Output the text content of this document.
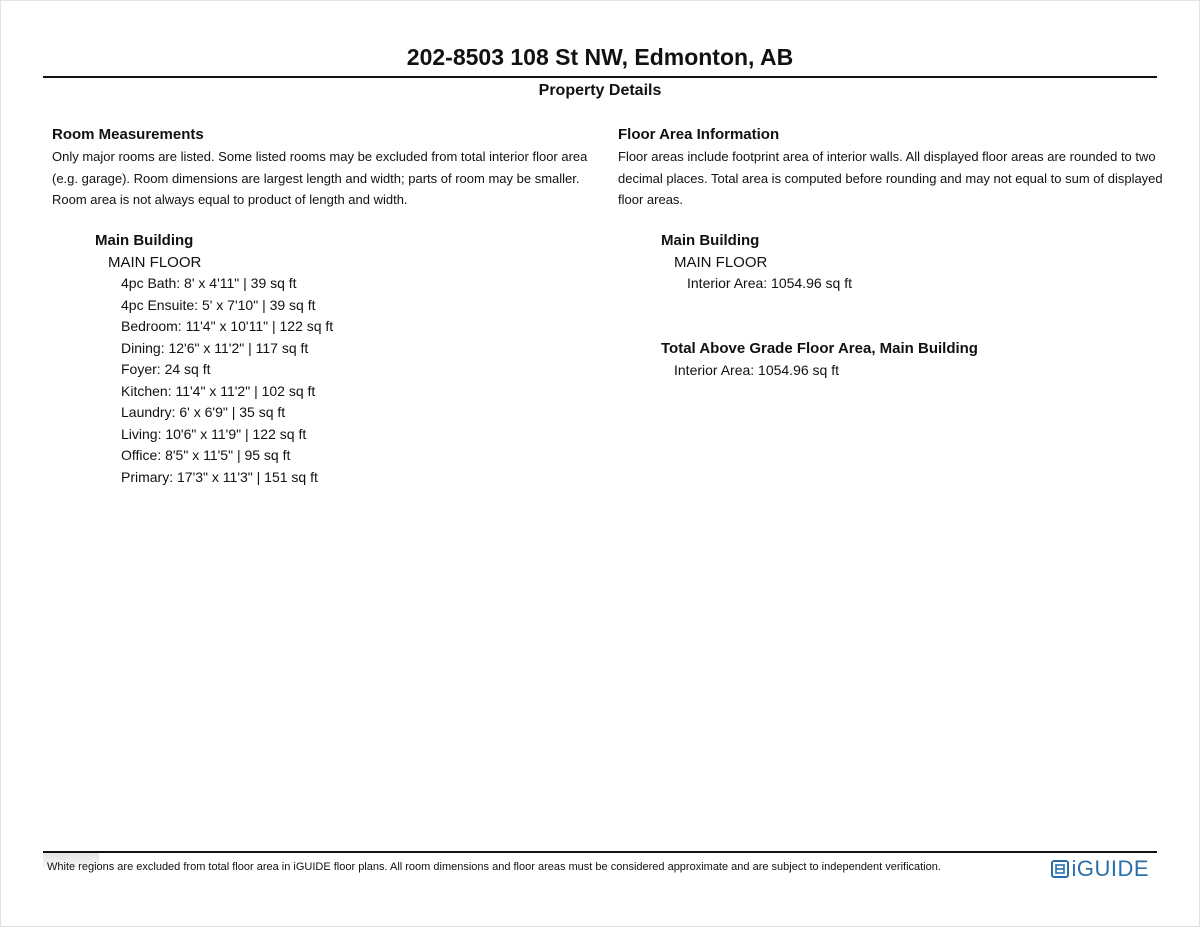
202-8503 108 St NW, Edmonton, AB
Property Details
Room Measurements

Only major rooms are listed. Some listed rooms may be excluded from total interior floor area (e.g. garage). Room dimensions are largest length and width; parts of room may be smaller. Room area is not always equal to product of length and width.

Main Building
MAIN FLOOR
4pc Bath: 8' x 4'11" | 39 sq ft
4pc Ensuite: 5' x 7'10" | 39 sq ft
Bedroom: 11'4" x 10'11" | 122 sq ft
Dining: 12'6" x 11'2" | 117 sq ft
Foyer: 24 sq ft
Kitchen: 11'4" x 11'2" | 102 sq ft
Laundry: 6' x 6'9" | 35 sq ft
Living: 10'6" x 11'9" | 122 sq ft
Office: 8'5" x 11'5" | 95 sq ft
Primary: 17'3" x 11'3" | 151 sq ft
Floor Area Information

Floor areas include footprint area of interior walls. All displayed floor areas are rounded to two decimal places. Total area is computed before rounding and may not equal to sum of displayed floor areas.

Main Building
MAIN FLOOR
Interior Area: 1054.96 sq ft
Total Above Grade Floor Area, Main Building
Interior Area: 1054.96 sq ft
White regions are excluded from total floor area in iGUIDE floor plans. All room dimensions and floor areas must be considered approximate and are subject to independent verification.	iGUIDE
